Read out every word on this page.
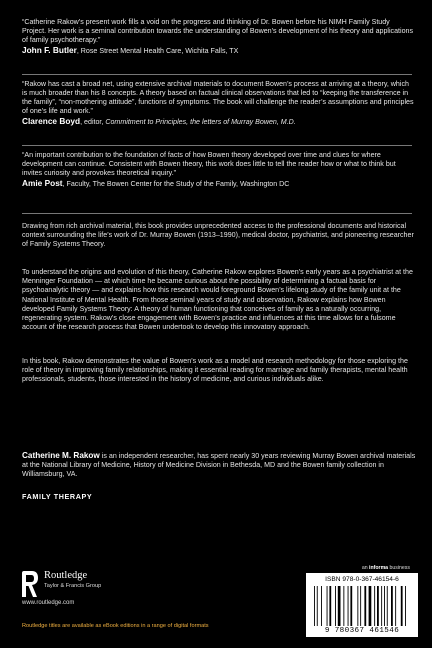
“Catherine Rakow’s present work fills a void on the progress and thinking of Dr. Bowen before his NIMH Family Study Project. Her work is a seminal contribution towards the understanding of Bowen’s development of his theory and applications of family psychotherapy.”
John F. Butler, Rose Street Mental Health Care, Wichita Falls, TX
“Rakow has cast a broad net, using extensive archival materials to document Bowen’s process at arriving at a theory, which is much broader than his 8 concepts. A theory based on factual clinical observations that led to “keeping the transference in the family”, “non-mothering attitude”, functions of symptoms. The book will challenge the reader’s assumptions and principles of one’s life and work.”
Clarence Boyd, editor, Commitment to Principles, the letters of Murray Bowen, M.D.
“An important contribution to the foundation of facts of how Bowen theory developed over time and clues for where development can continue. Consistent with Bowen theory, this work does little to tell the reader how or what to think but invites curiosity and provokes theoretical inquiry.”
Amie Post, Faculty, The Bowen Center for the Study of the Family, Washington DC
Drawing from rich archival material, this book provides unprecedented access to the professional documents and historical context surrounding the life’s work of Dr. Murray Bowen (1913–1990), medical doctor, psychiatrist, and pioneering researcher of Family Systems Theory.
To understand the origins and evolution of this theory, Catherine Rakow explores Bowen’s early years as a psychiatrist at the Menninger Foundation — at which time he became curious about the possibility of determining a factual basis for psychoanalytic theory — and explains how this research would foreground Bowen’s lifelong study of the family unit at the National Institute of Mental Health. From those seminal years of study and observation, Rakow explains how Bowen developed Family Systems Theory: A theory of human functioning that conceives of family as a naturally occurring, regenerating system. Rakow’s close engagement with Bowen’s practice and influences at this time allows for a fulsome account of the research process that Bowen undertook to develop this innovatory approach.
In this book, Rakow demonstrates the value of Bowen’s work as a model and research methodology for those exploring the role of theory in improving family relationships, making it essential reading for marriage and family therapists, mental health professionals, students, those interested in the history of medicine, and curious individuals alike.
Catherine M. Rakow is an independent researcher, has spent nearly 30 years reviewing Murray Bowen archival materials at the National Library of Medicine, History of Medicine Division in Bethesda, MD and the Bowen family collection in Williamsburg, VA.
FAMILY THERAPY
an informa business
Routledge
Taylor & Francis Group
www.routledge.com
Routledge titles are available as eBook editions in a range of digital formats
ISBN 978-0-367-46154-6
9 780367 461546
